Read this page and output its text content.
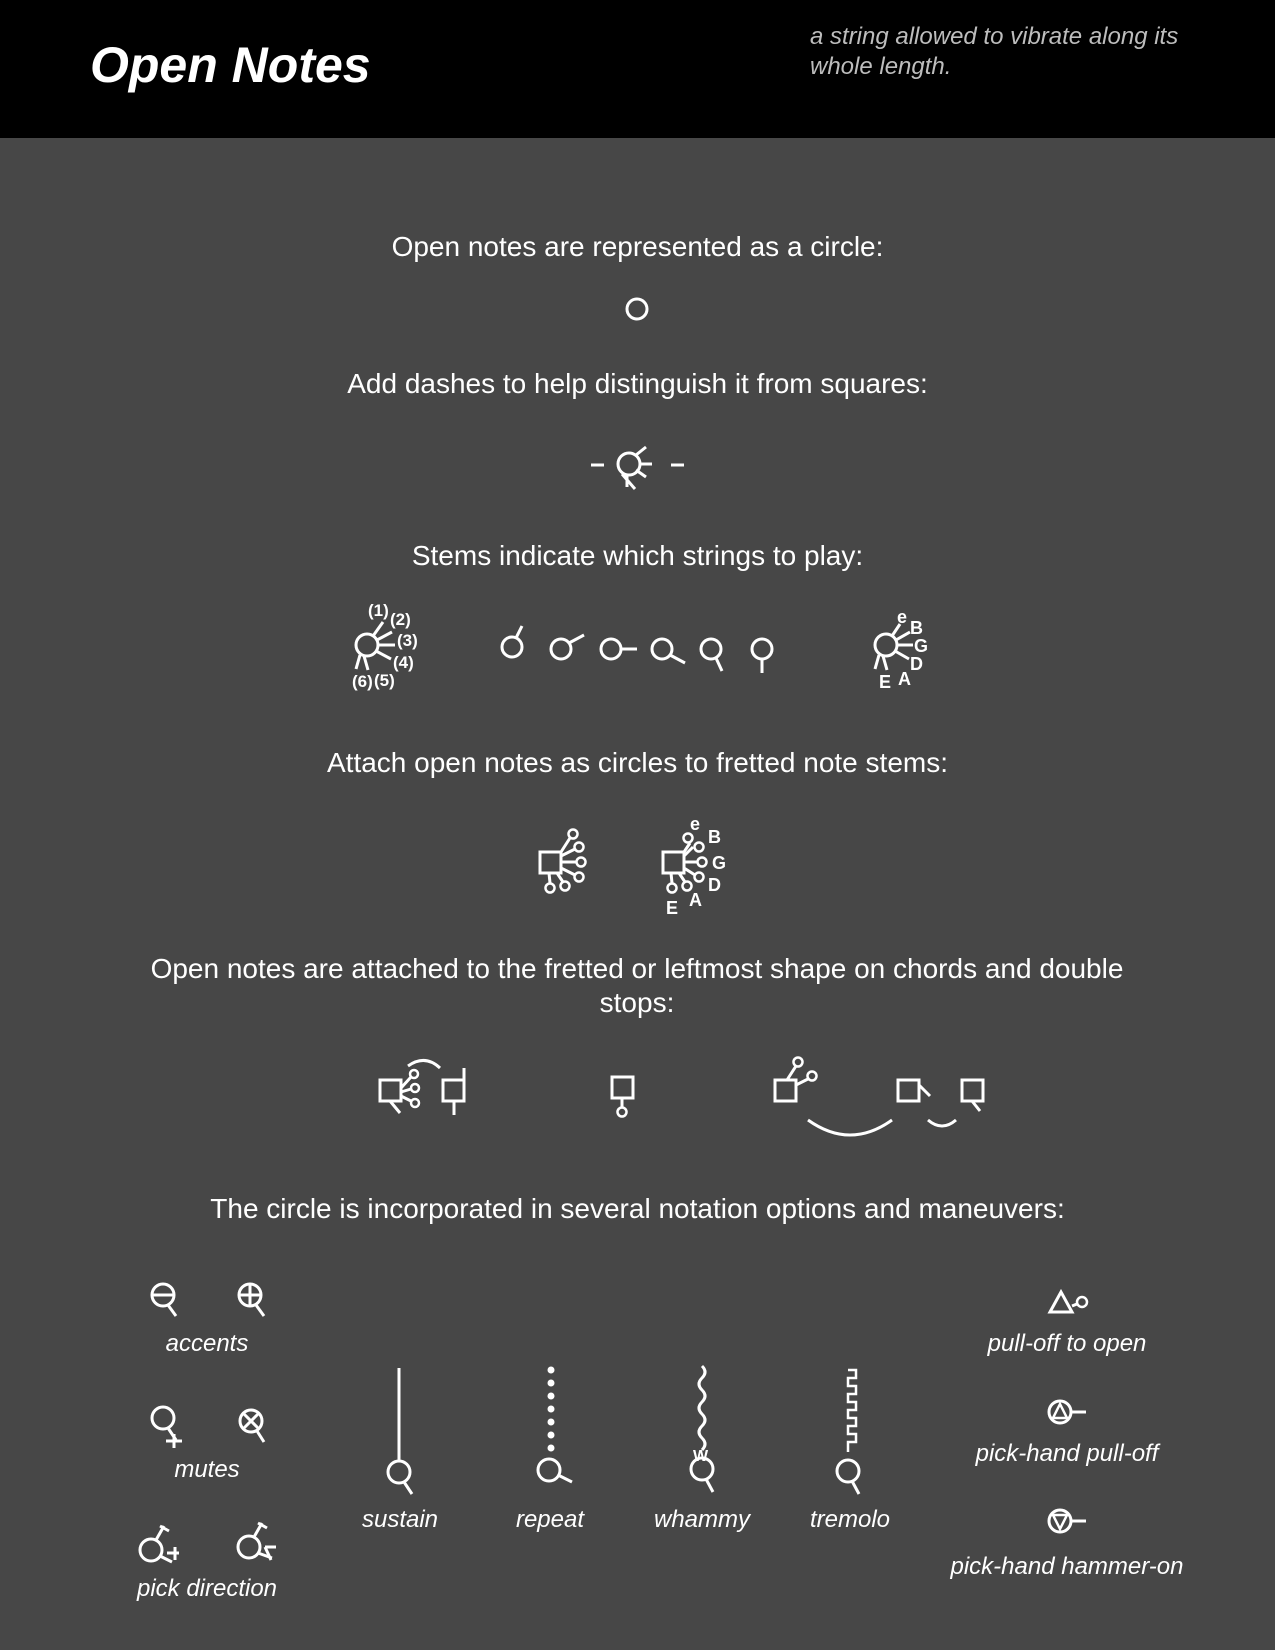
Open Notes
a string allowed to vibrate along its whole length.
Open notes are represented as a circle:
Add dashes to help distinguish it from squares:
Stems indicate which strings to play:
Attach open notes as circles to fretted note stems:
Open notes are attached to the fretted or leftmost shape on chords and double stops:
The circle is incorporated in several notation options and maneuvers:
(1) (2)
(3)
(4)
(5)
(6)
e
B
G
D
A
E
e
B
G
D
A
E
W
accents
mutes
pick direction
sustain	repeat	whammy tremolo
pull-off to open
pick-hand pull-off
pick-hand hammer-on
